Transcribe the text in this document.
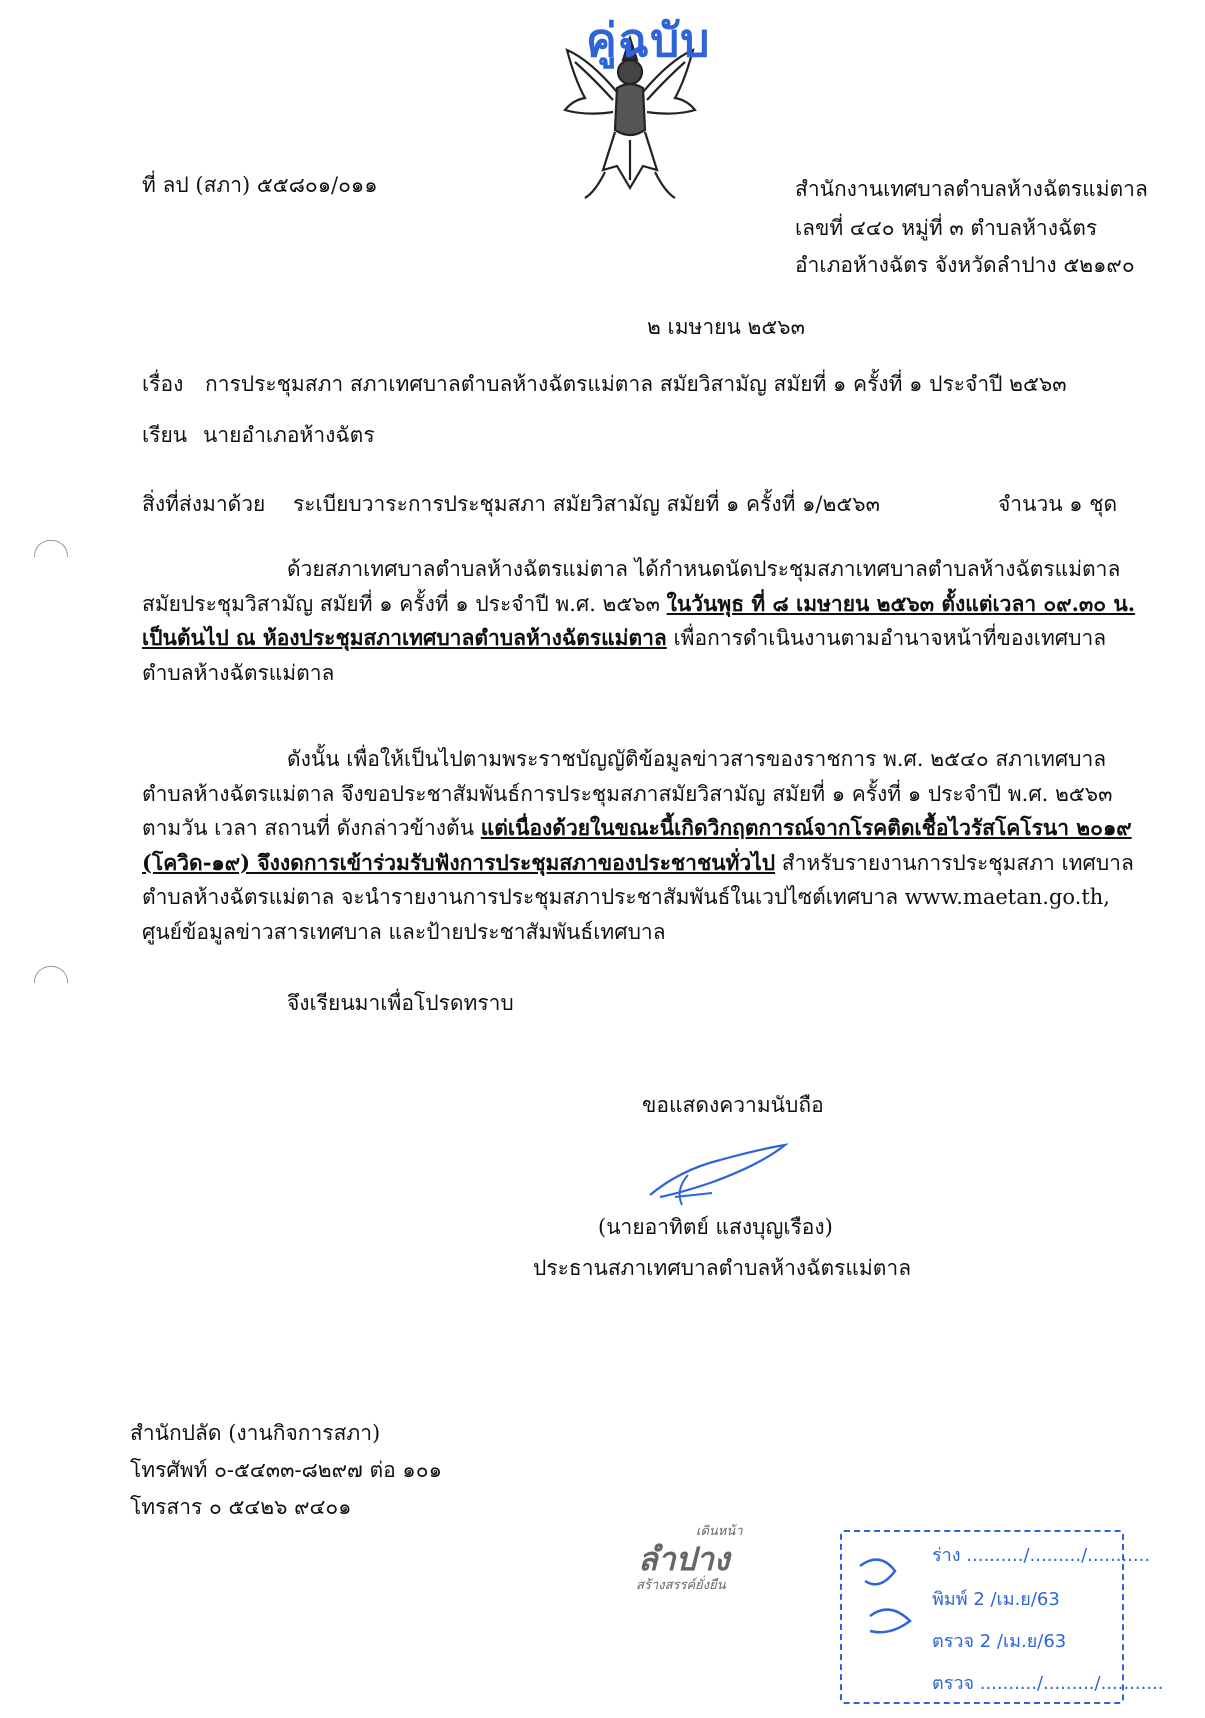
คู่ฉบับ
ที่ ลป (สภา) ๕๕๘๐๑/๐๑๑	สำนักงานเทศบาลตำบลห้างฉัตรแม่ตาล
เลขที่ ๔๔๐ หมู่ที่ ๓ ตำบลห้างฉัตร
อำเภอห้างฉัตร จังหวัดลำปาง ๕๒๑๙๐
๒ เมษายน ๒๕๖๓
เรื่อง การประชุมสภา สภาเทศบาลตำบลห้างฉัตรแม่ตาล สมัยวิสามัญ สมัยที่ ๑ ครั้งที่ ๑ ประจำปี ๒๕๖๓
เรียน นายอำเภอห้างฉัตร
สิ่งที่ส่งมาด้วย ระเบียบวาระการประชุมสภา สมัยวิสามัญ สมัยที่ ๑ ครั้งที่ ๑/๒๕๖๓	จำนวน ๑ ชุด
ด้วยสภาเทศบาลตำบลห้างฉัตรแม่ตาล ได้กำหนดนัดประชุมสภาเทศบาลตำบลห้างฉัตรแม่ตาล
สมัยประชุมวิสามัญ สมัยที่ ๑ ครั้งที่ ๑ ประจำปี พ.ศ. ๒๕๖๓ ในวันพุธ ที่ ๘ เมษายน ๒๕๖๓ ตั้งแต่เวลา ๐๙.๓๐ น.
เป็นต้นไป ณ ห้องประชุมสภาเทศบาลตำบลห้างฉัตรแม่ตาล เพื่อการดำเนินงานตามอำนาจหน้าที่ของเทศบาล
ตำบลห้างฉัตรแม่ตาล
ดังนั้น เพื่อให้เป็นไปตามพระราชบัญญัติข้อมูลข่าวสารของราชการ พ.ศ. ๒๕๔๐ สภาเทศบาล
ตำบลห้างฉัตรแม่ตาล จึงขอประชาสัมพันธ์การประชุมสภาสมัยวิสามัญ สมัยที่ ๑ ครั้งที่ ๑ ประจำปี พ.ศ. ๒๕๖๓
ตามวัน เวลา สถานที่ ดังกล่าวข้างต้น แต่เนื่องด้วยในขณะนี้เกิดวิกฤตการณ์จากโรคติดเชื้อไวรัสโคโรนา ๒๐๑๙
(โควิด-๑๙) จึงงดการเข้าร่วมรับฟังการประชุมสภาของประชาชนทั่วไป สำหรับรายงานการประชุมสภา เทศบาล
ตำบลห้างฉัตรแม่ตาล จะนำรายงานการประชุมสภาประชาสัมพันธ์ในเวปไซต์เทศบาล www.maetan.go.th,
ศูนย์ข้อมูลข่าวสารเทศบาล และป้ายประชาสัมพันธ์เทศบาล
จึงเรียนมาเพื่อโปรดทราบ
ขอแสดงความนับถือ
(นายอาทิตย์ แสงบุญเรือง)
ประธานสภาเทศบาลตำบลห้างฉัตรแม่ตาล
สำนักปลัด (งานกิจการสภา)
โทรศัพท์ ๐-๕๔๓๓-๘๒๙๗ ต่อ ๑๐๑
โทรสาร ๐ ๕๔๒๖ ๙๔๐๑
เดินหน้า
ลำปาง
สร้างสรรค์ยั่งยืน
ร่าง ........../........./...........
พิมพ์ 2 /เม.ย/63
ตรวจ 2 /เม.ย/63
ตรวจ ........../........./...........
